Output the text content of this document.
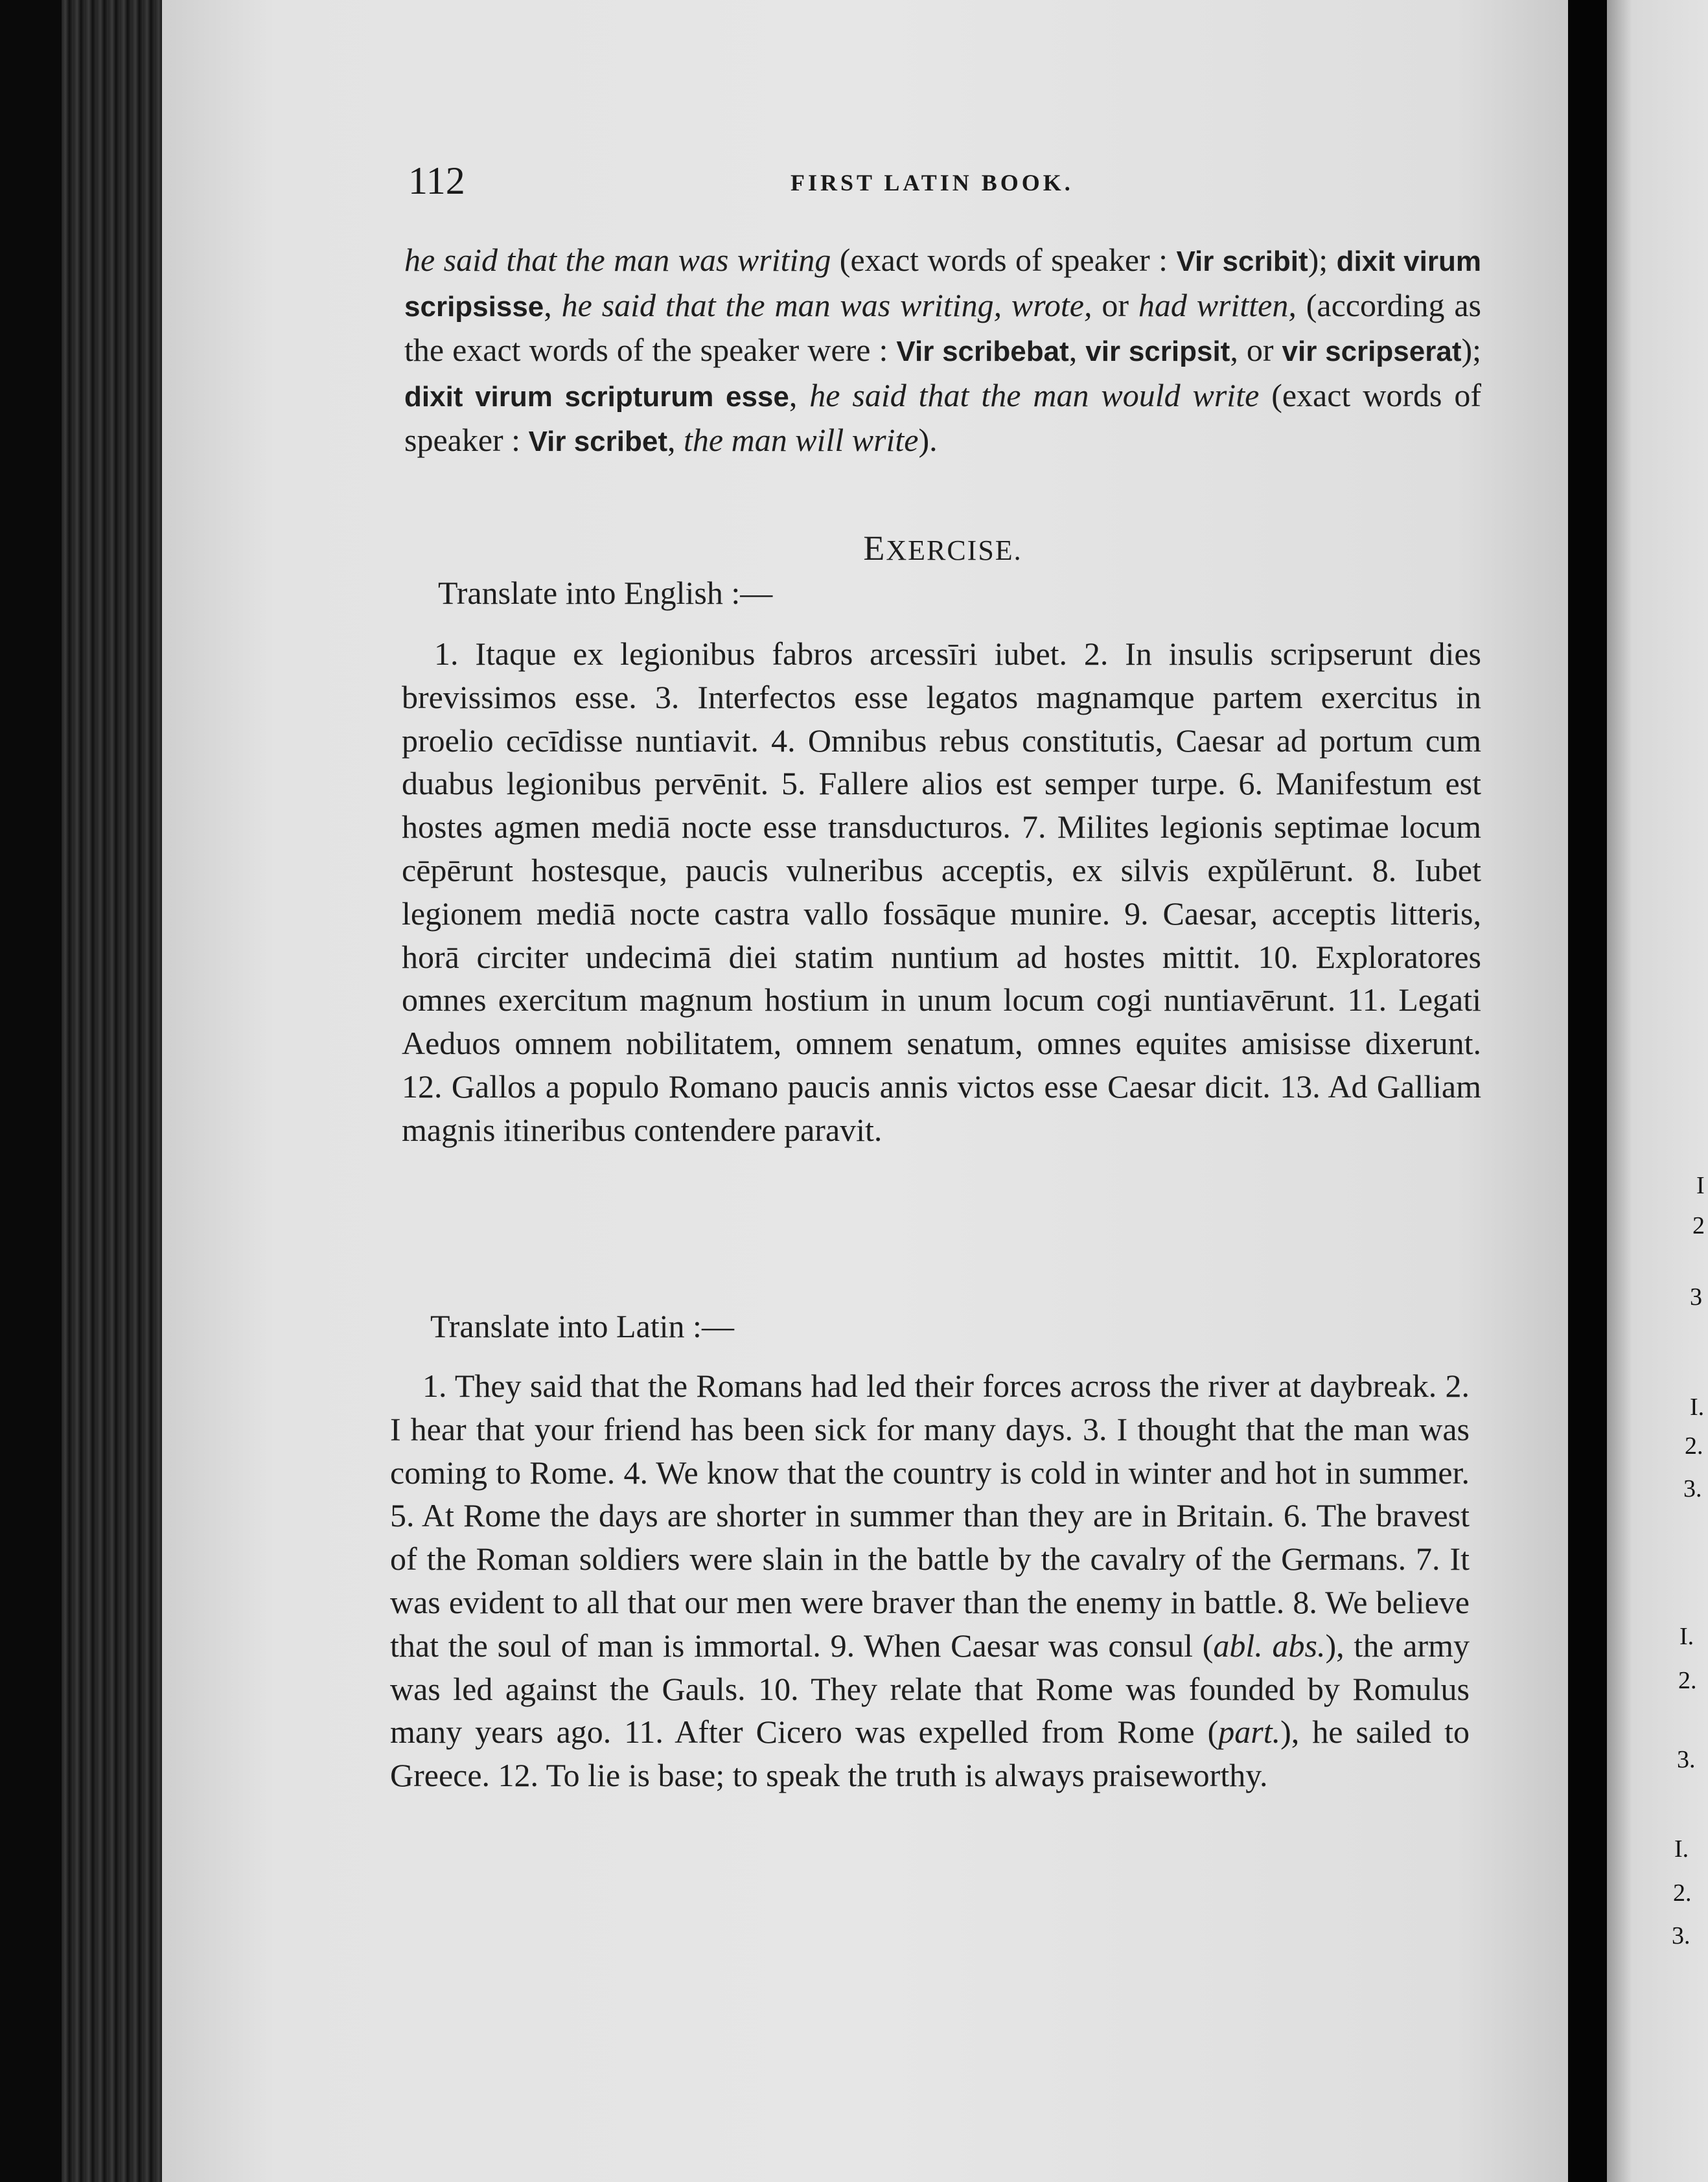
112	FIRST LATIN BOOK.

he said that the man was writing (exact words of speaker : Vir scribit); dixit virum scripsisse, he said that the man was writing, wrote, or had written, (according as the exact words of the speaker were : Vir scribebat, vir scripsit, or vir scripserat); dixit virum scripturum esse, he said that the man would write (exact words of speaker : Vir scribet, the man will write).

EXERCISE.
Translate into English :—

1. Itaque ex legionibus fabros arcessīri iubet. 2. In insulis scripserunt dies brevissimos esse. 3. Interfectos esse legatos magnamque partem exercitus in proelio cecīdisse nuntiavit. 4. Omnibus rebus constitutis, Caesar ad portum cum duabus legionibus pervēnit. 5. Fallere alios est semper turpe. 6. Manifestum est hostes agmen mediā nocte esse transducturos. 7. Milites legionis septimae locum cēpērunt hostesque, paucis vulneribus acceptis, ex silvis expŭlērunt. 8. Iubet legionem mediā nocte castra vallo fossāque munire. 9. Caesar, acceptis litteris, horā circiter undecimā diei statim nuntium ad hostes mittit. 10. Exploratores omnes exercitum magnum hostium in unum locum cogi nuntiavērunt. 11. Legati Aeduos omnem nobilitatem, omnem senatum, omnes equites amisisse dixerunt. 12. Gallos a populo Romano paucis annis victos esse Caesar dicit. 13. Ad Galliam magnis itineribus contendere paravit.

Translate into Latin :—

1. They said that the Romans had led their forces across the river at daybreak. 2. I hear that your friend has been sick for many days. 3. I thought that the man was coming to Rome. 4. We know that the country is cold in winter and hot in summer. 5. At Rome the days are shorter in summer than they are in Britain. 6. The bravest of the Roman soldiers were slain in the battle by the cavalry of the Germans. 7. It was evident to all that our men were braver than the enemy in battle. 8. We believe that the soul of man is immortal. 9. When Caesar was consul (abl. abs.), the army was led against the Gauls. 10. They relate that Rome was founded by Romulus many years ago. 11. After Cicero was expelled from Rome (part.), he sailed to Greece. 12. To lie is base; to speak the truth is always praiseworthy.

I
2
3
I.
2.
3.
I.
2.
3.
I.
2.
3.
